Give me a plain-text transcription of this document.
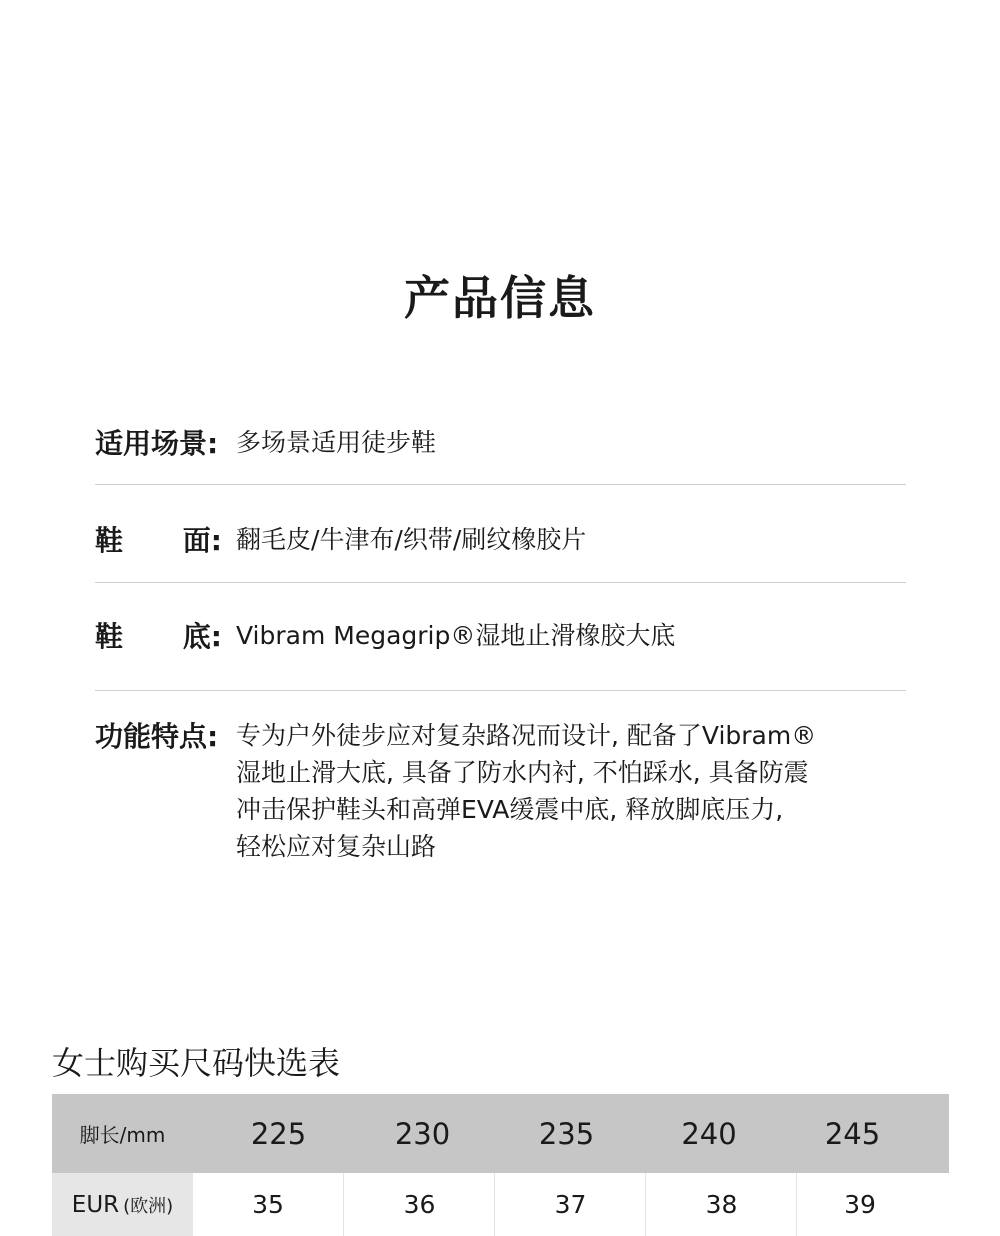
产品信息
适用场景: 多场景适用徒步鞋
鞋 面: 翻毛皮/牛津布/织带/刷纹橡胶片
鞋 底: Vibram Megagrip®湿地止滑橡胶大底
功能特点: 专为户外徒步应对复杂路况而设计, 配备了Vibram®
湿地止滑大底, 具备了防水内衬, 不怕踩水, 具备防震
冲击保护鞋头和高弹EVA缓震中底, 释放脚底压力,
轻松应对复杂山路
女士购买尺码快选表
脚长/mm	225	230	235	240	245
EUR (欧洲)	35	36	37	38	39
